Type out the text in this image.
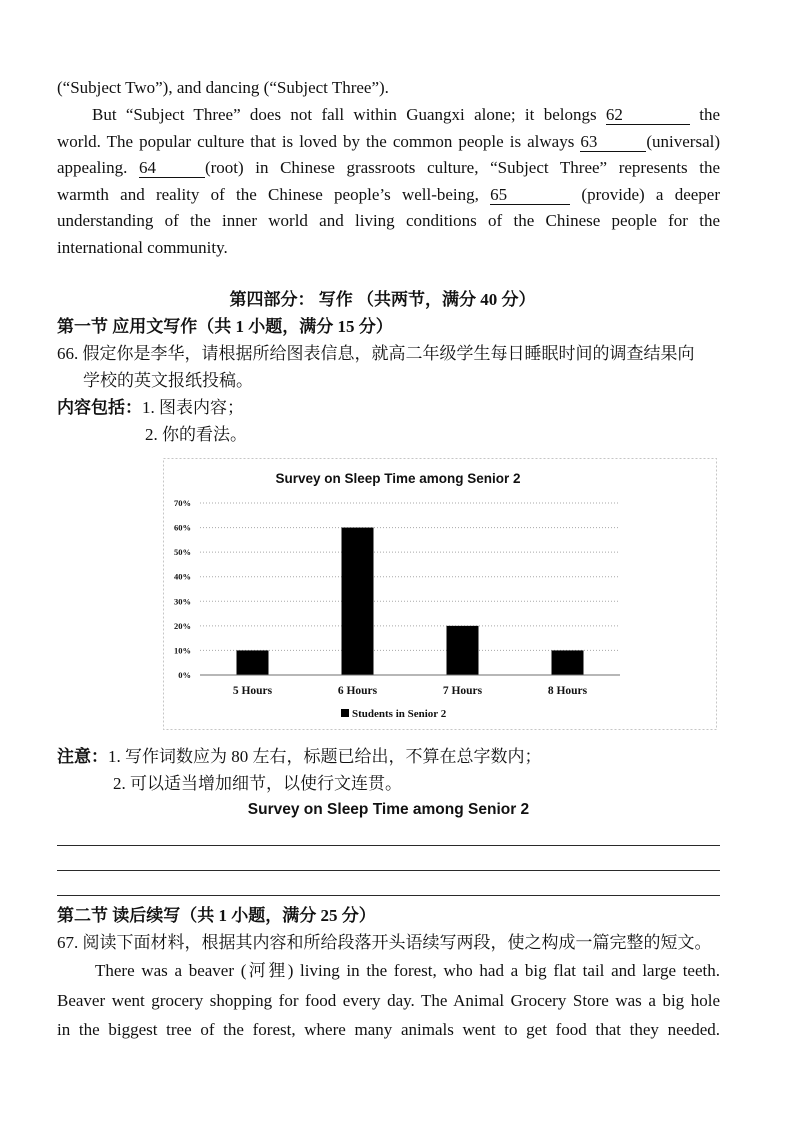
(“Subject Two”), and dancing (“Subject Three”).
But “Subject Three” does not fall within Guangxi alone; it belongs 62	the
world. The popular culture that is loved by the common people is always 63	(universal)
appealing. 64	(root) in Chinese grassroots culture, “Subject Three” represents the
warmth and reality of the Chinese people’s well-being, 65	(provide) a deeper
understanding of the inner world and living conditions of the Chinese people for the
international community.
第四部分： 写作 （共两节，满分 40 分）
第一节 应用文写作（共 1 小题，满分 15 分）
66. 假定你是李华，请根据所给图表信息，就高二年级学生每日睡眠时间的调查结果向
学校的英文报纸投稿。
内容包括：1. 图表内容；
2. 你的看法。
Survey on Sleep Time among Senior 2
0%
10%
20%
30%
40%
50%
60%
70%
5 Hours	6 Hours	7 Hours	8 Hours
Students in Senior 2
注意：1. 写作词数应为 80 左右，标题已给出，不算在总字数内；
2. 可以适当增加细节，以使行文连贯。
Survey on Sleep Time among Senior 2
第二节 读后续写（共 1 小题，满分 25 分）
67. 阅读下面材料，根据其内容和所给段落开头语续写两段，使之构成一篇完整的短文。
There was a beaver (河狸) living in the forest, who had a big flat tail and large teeth.
Beaver went grocery shopping for food every day. The Animal Grocery Store was a big hole
in the biggest tree of the forest, where many animals went to get food that they needed.
